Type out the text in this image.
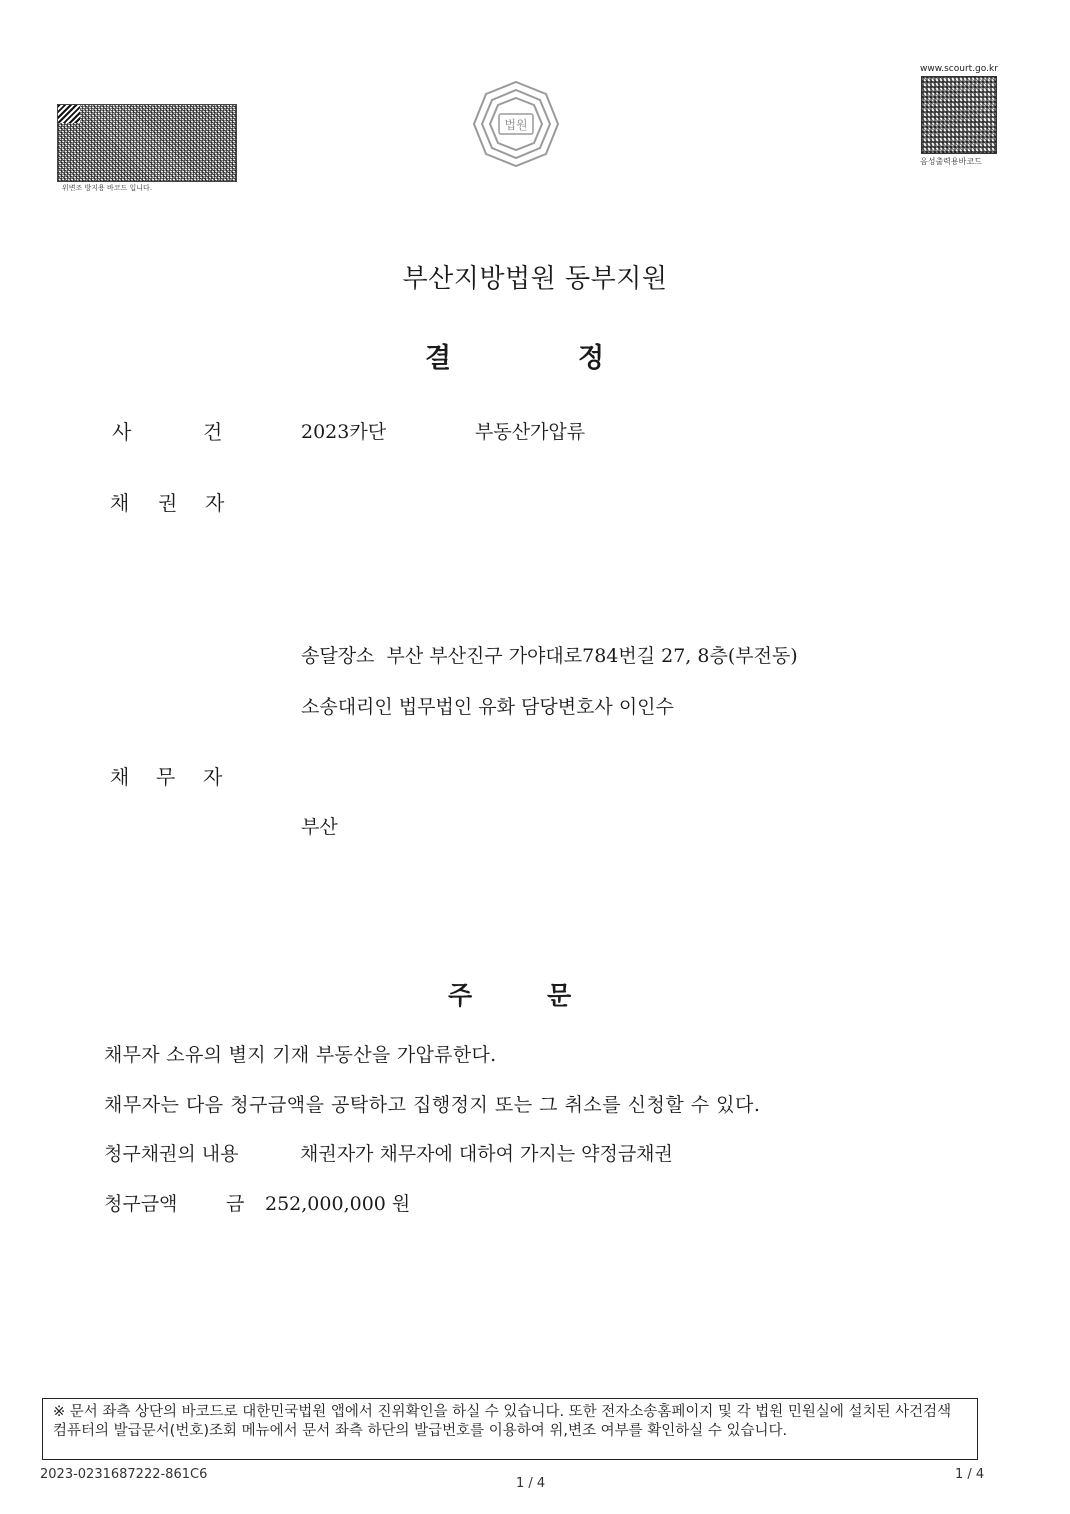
위변조 방지용 바코드 입니다.
www.scourt.go.kr
음성출력용바코드
법원
부산지방법원 동부지원
결	정
사	건	2023카단	부동산가압류
채 권 자
송달장소  부산 부산진구 가야대로784번길 27, 8층(부전동)
소송대리인 법무법인 유화 담당변호사 이인수
채 무 자
부산
주	문
채무자 소유의 별지 기재 부동산을 가압류한다.
채무자는 다음 청구금액을 공탁하고 집행정지 또는 그 취소를 신청할 수 있다.
청구채권의 내용	채권자가 채무자에 대하여 가지는 약정금채권
청구금액	금 252,000,000 원
※ 문서 좌측 상단의 바코드로 대한민국법원 앱에서 진위확인을 하실 수 있습니다. 또한 전자소송홈페이지 및 각 법원 민원실에 설치된 사건검색 컴퓨터의 발급문서(번호)조회 메뉴에서 문서 좌측 하단의 발급번호를 이용하여 위,변조 여부를 확인하실 수 있습니다.
2023-0231687222-861C6
1 / 4
1 / 4
